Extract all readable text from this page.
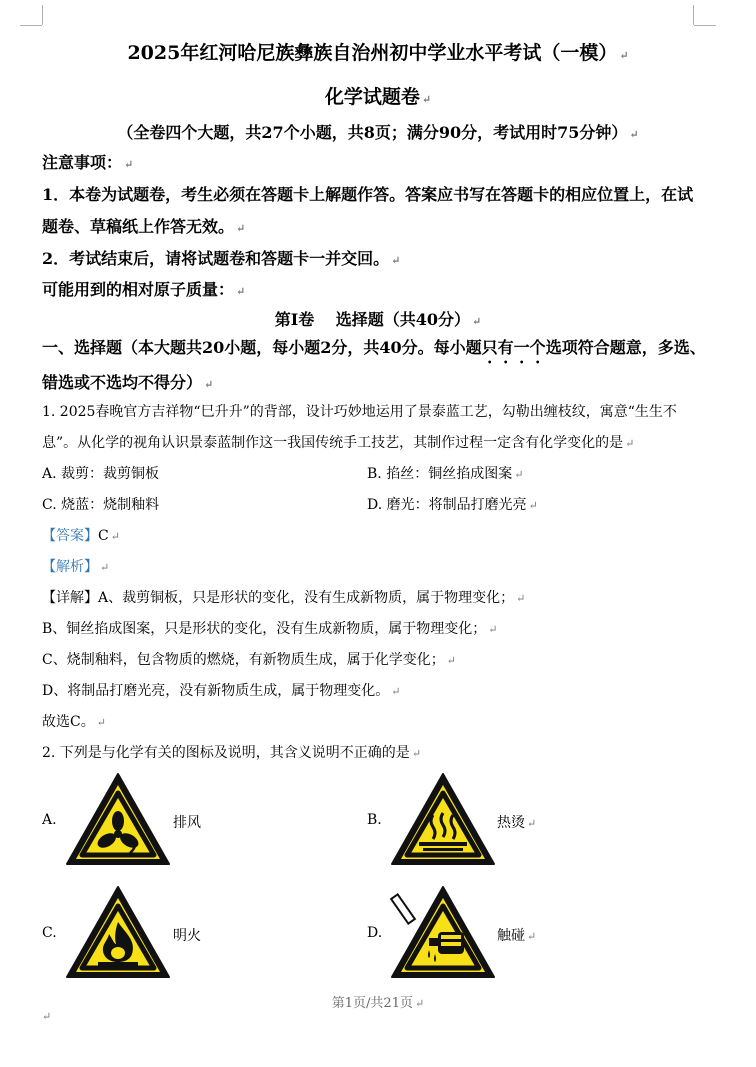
2025年红河哈尼族彝族自治州初中学业水平考试（一模） ↵
化学试题卷 ↵
（全卷四个大题，共27个小题，共8页；满分90分，考试用时75分钟） ↵
注意事项： ↵
1．本卷为试题卷，考生必须在答题卡上解题作答。答案应书写在答题卡的相应位置上，在试
题卷、草稿纸上作答无效。 ↵
2．考试结束后，请将试题卷和答题卡一并交回。 ↵
可能用到的相对原子质量： ↵
第Ⅰ卷　 选择题（共40分） ↵
一、选择题（本大题共20小题，每小题2分，共40分。每小题只有一个选项符合题意，多选、
错选或不选均不得分） ↵
1. 2025春晚官方吉祥物“巳升升”的背部，设计巧妙地运用了景泰蓝工艺，勾勒出缠枝纹，寓意“生生不
息”。从化学的视角认识景泰蓝制作这一我国传统手工技艺，其制作过程一定含有化学变化的是 ↵
A. 裁剪：裁剪铜板	B. 掐丝：铜丝掐成图案 ↵
C. 烧蓝：烧制釉料	D. 磨光：将制品打磨光亮 ↵
【答案】C ↵
【解析】 ↵
【详解】A、裁剪铜板，只是形状的变化，没有生成新物质，属于物理变化； ↵
B、铜丝掐成图案，只是形状的变化，没有生成新物质，属于物理变化； ↵
C、烧制釉料，包含物质的燃烧，有新物质生成，属于化学变化； ↵
D、将制品打磨光亮，没有新物质生成，属于物理变化。 ↵
故选C。 ↵
2. 下列是与化学有关的图标及说明，其含义说明不正确的是 ↵
A.	排风	B.	热烫 ↵
C.	明火	D.	触碰 ↵
第1页/共21页 ↵
↵
